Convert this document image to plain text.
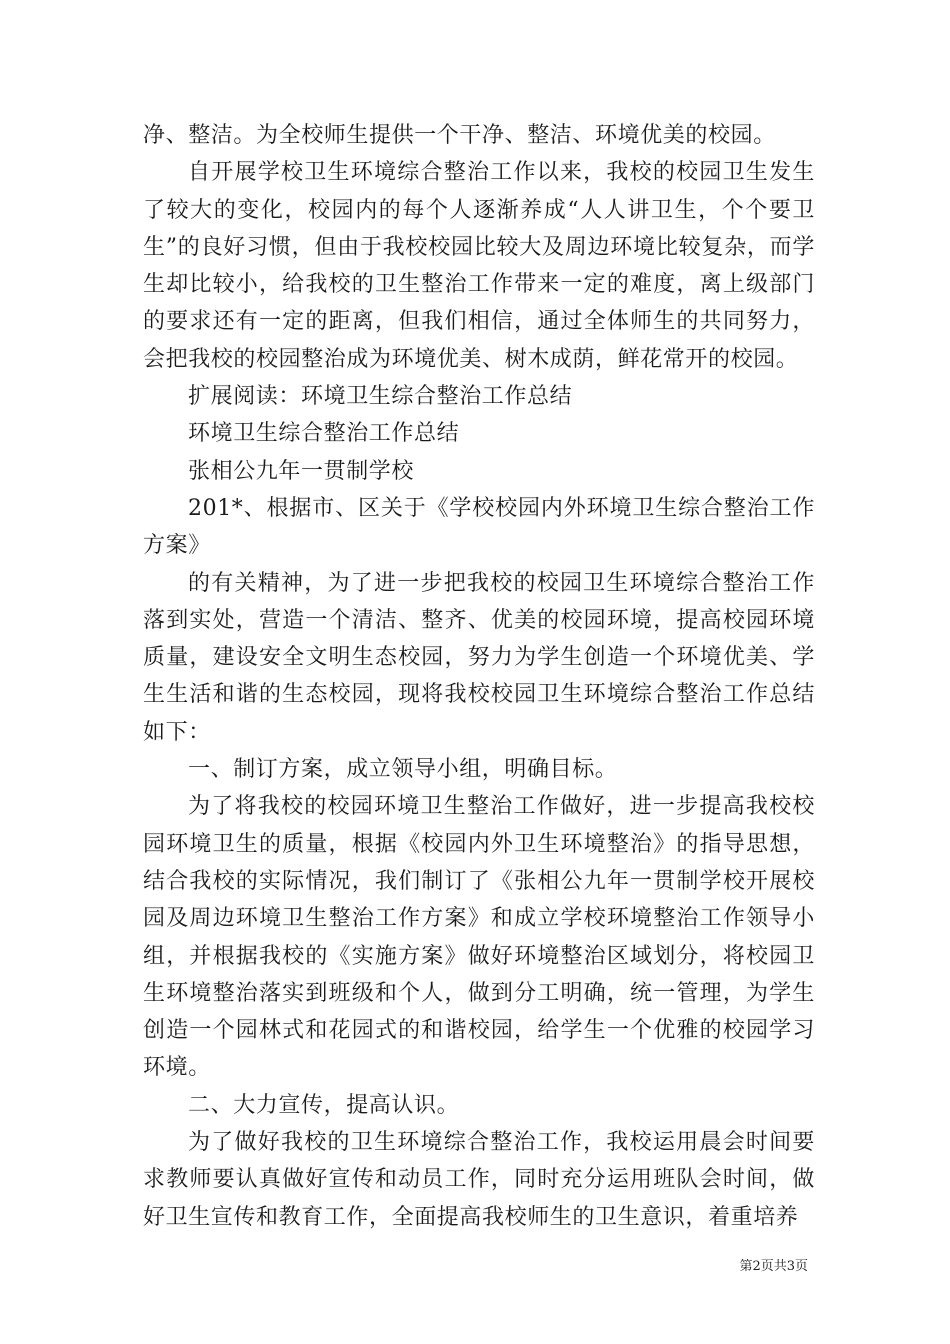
净、整洁。为全校师生提供一个干净、整洁、环境优美的校园。

自开展学校卫生环境综合整治工作以来，我校的校园卫生发生了较大的变化，校园内的每个人逐渐养成“人人讲卫生，个个要卫生”的良好习惯，但由于我校校园比较大及周边环境比较复杂，而学生却比较小，给我校的卫生整治工作带来一定的难度，离上级部门的要求还有一定的距离，但我们相信，通过全体师生的共同努力，会把我校的校园整治成为环境优美、树木成荫，鲜花常开的校园。

扩展阅读：环境卫生综合整治工作总结

环境卫生综合整治工作总结

张相公九年一贯制学校

201*、根据市、区关于《学校校园内外环境卫生综合整治工作方案》

的有关精神，为了进一步把我校的校园卫生环境综合整治工作落到实处，营造一个清洁、整齐、优美的校园环境，提高校园环境质量，建设安全文明生态校园，努力为学生创造一个环境优美、学生生活和谐的生态校园，现将我校校园卫生环境综合整治工作总结如下：

一、制订方案，成立领导小组，明确目标。

为了将我校的校园环境卫生整治工作做好，进一步提高我校校园环境卫生的质量，根据《校园内外卫生环境整治》的指导思想，结合我校的实际情况，我们制订了《张相公九年一贯制学校开展校园及周边环境卫生整治工作方案》和成立学校环境整治工作领导小组，并根据我校的《实施方案》做好环境整治区域划分，将校园卫生环境整治落实到班级和个人，做到分工明确，统一管理，为学生创造一个园林式和花园式的和谐校园，给学生一个优雅的校园学习环境。

二、大力宣传，提高认识。

为了做好我校的卫生环境综合整治工作，我校运用晨会时间要求教师要认真做好宣传和动员工作，同时充分运用班队会时间，做好卫生宣传和教育工作，全面提高我校师生的卫生意识，着重培养

第2页共3页
